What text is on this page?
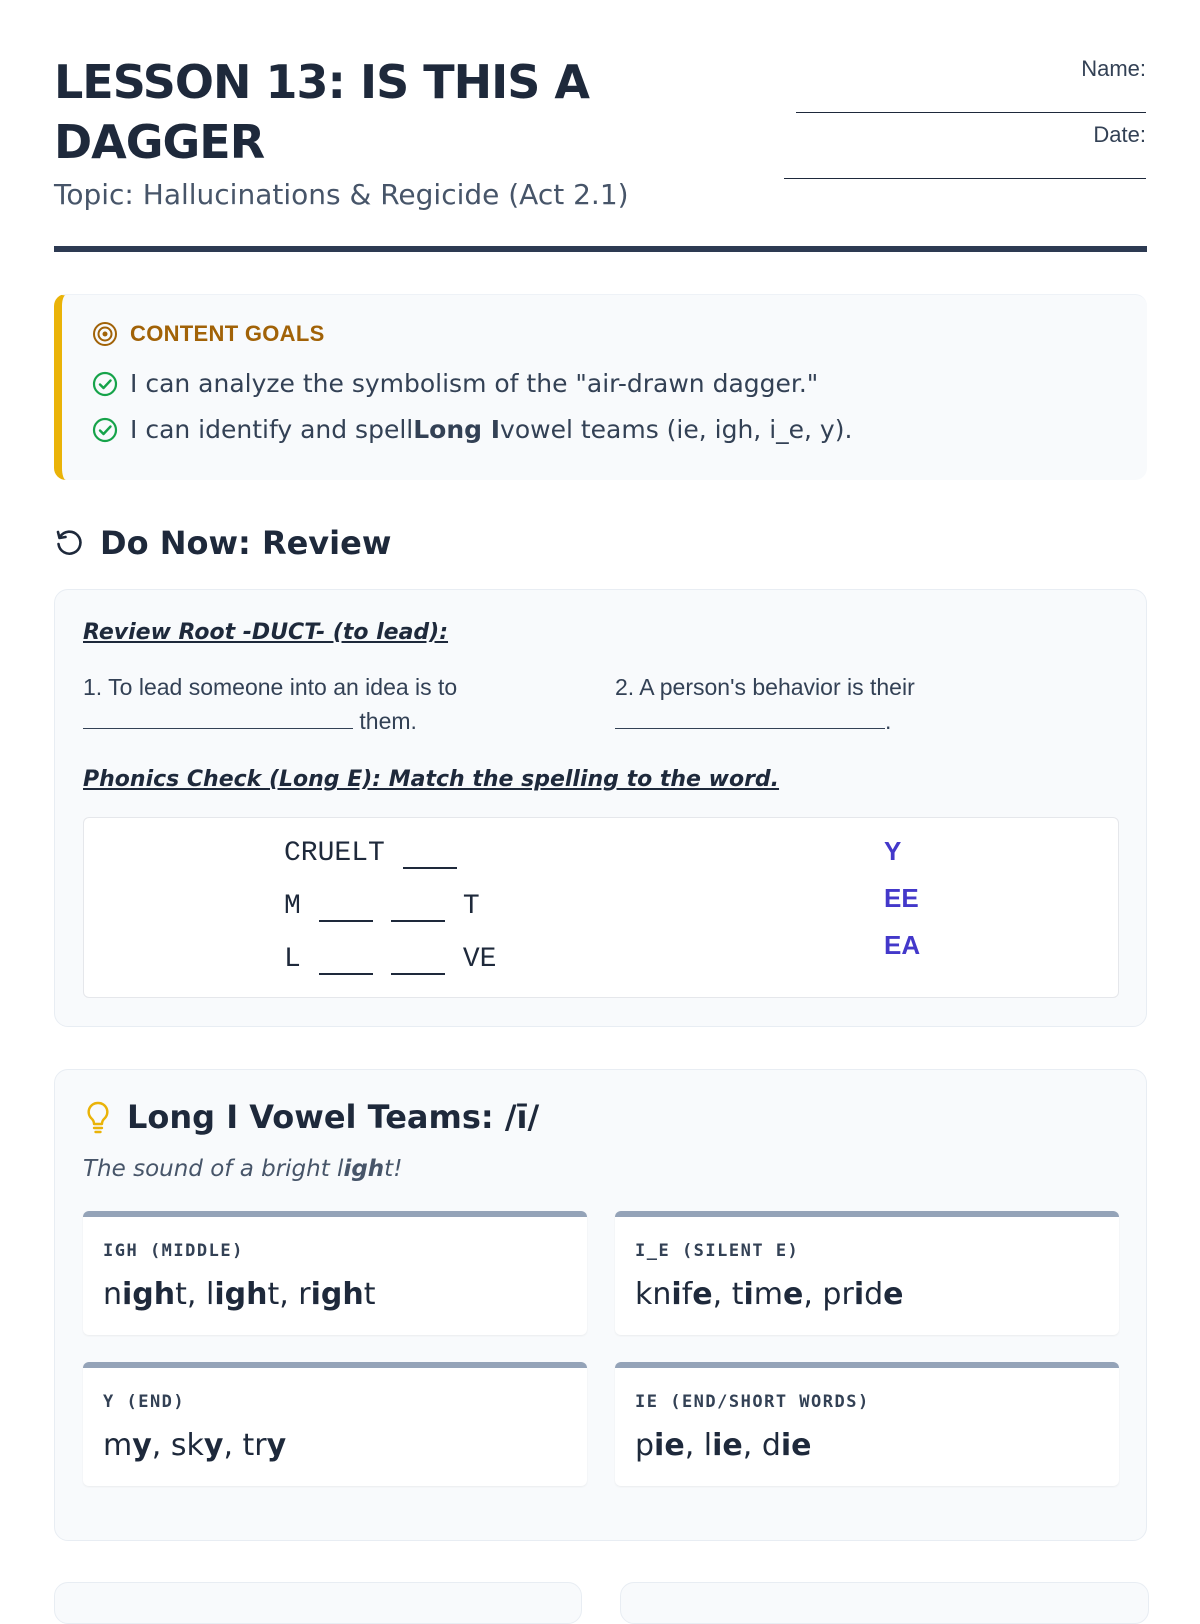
LESSON 13: IS THIS A DAGGER
Topic: Hallucinations & Regicide (Act 2.1)
Name:
Date:
CONTENT GOALS
I can analyze the symbolism of the "air-drawn dagger."
I can identify and spellLong Ivowel teams (ie, igh, i_e, y).
Do Now: Review
Review Root -DUCT- (to lead):
1. To lead someone into an idea is to
them.
2. A person's behavior is their
.
Phonics Check (Long E): Match the spelling to the word.
CRUELT
M	T
L	VE
Y
EE
EA
Long I Vowel Teams: /ī/
The sound of a bright light!
IGH (MIDDLE)
night, light, right
I_E (SILENT E)
knife, time, pride
Y (END)
my, sky, try
IE (END/SHORT WORDS)
pie, lie, die
